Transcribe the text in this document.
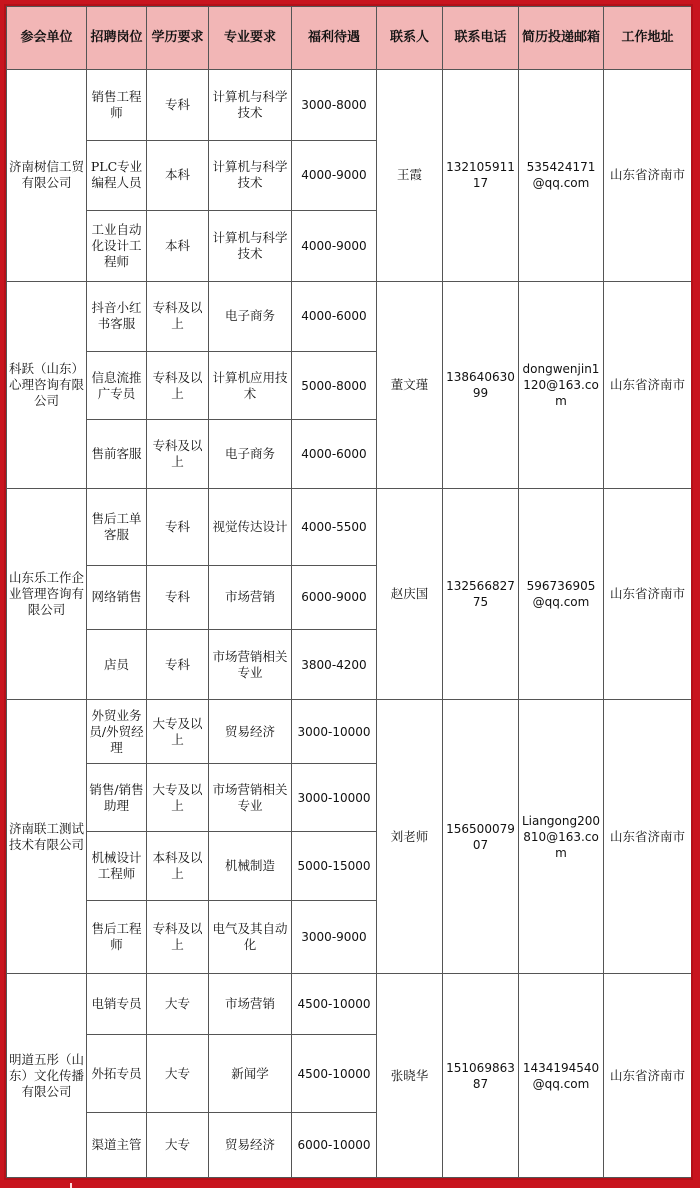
参会单位	招聘岗位	学历要求	专业要求	福利待遇	联系人	联系电话	简历投递邮箱	工作地址
济南树信工贸有限公司	销售工程师	专科	计算机与科学技术	3000-8000	王霞	13210591117	535424171@qq.com	山东省济南市
	PLC专业编程人员	本科	计算机与科学技术	4000-9000				
	工业自动化设计工程师	本科	计算机与科学技术	4000-9000				
科跃（山东）心理咨询有限公司	抖音小红书客服	专科及以上	电子商务	4000-6000	董文瑾	13864063099	dongwenjin1120@163.com	山东省济南市
	信息流推广专员	专科及以上	计算机应用技术	5000-8000				
	售前客服	专科及以上	电子商务	4000-6000				
山东乐工作企业管理咨询有限公司	售后工单客服	专科	视觉传达设计	4000-5500	赵庆国	13256682775	596736905@qq.com	山东省济南市
	网络销售	专科	市场营销	6000-9000				
	店员	专科	市场营销相关专业	3800-4200				
济南联工测试技术有限公司	外贸业务员/外贸经理	大专及以上	贸易经济	3000-10000	刘老师	15650007907	Liangong200810@163.com	山东省济南市
	销售/销售助理	大专及以上	市场营销相关专业	3000-10000				
	机械设计工程师	本科及以上	机械制造	5000-15000				
	售后工程师	专科及以上	电气及其自动化	3000-9000				
明道五彤（山东）文化传播有限公司	电销专员	大专	市场营销	4500-10000	张晓华	15106986387	1434194540@qq.com	山东省济南市
	外拓专员	大专	新闻学	4500-10000				
	渠道主管	大专	贸易经济	6000-10000				
